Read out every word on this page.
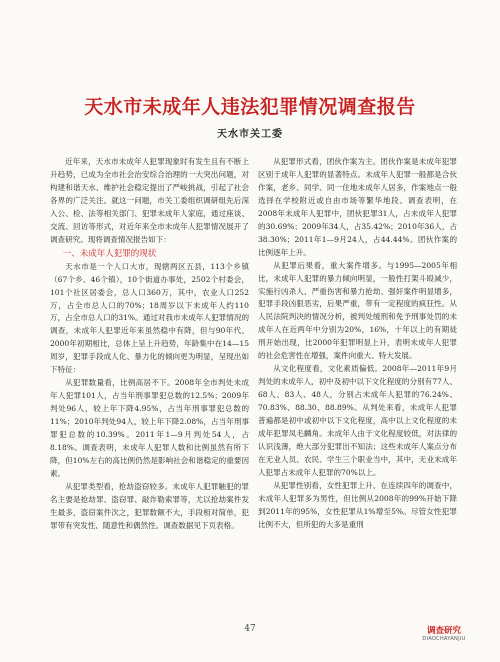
天水市未成年人违法犯罪情况调查报告
天水市关工委

近年来，天水市未成年人犯罪现象时有发生且有不断上升趋势，已成为全市社会治安综合治理的一大突出问题，对构建和谐天水、维护社会稳定提出了严峻挑战，引起了社会各界的广泛关注。就这一问题，市关工委组织调研组先后深入公、检、法等相关部门、犯罪未成年人家庭，通过座谈、交流、回访等形式，对近年来全市未成年人犯罪情况展开了调查研究。现将调查情况报告如下：

一、未成年人犯罪的现状

天水市是一个人口大市，现辖两区五县，113个乡镇（67个乡、46个镇），10个街道办事处，2502个村委会，101个社区居委会，总人口360万，其中，农业人口252万，占全市总人口的70%；18周岁以下未成年人约110万，占全市总人口的31%。通过对我市未成年人犯罪情况的调查，未成年人犯罪近年来虽然稳中有降，但与90年代、2000年初期相比，总体上呈上升趋势，年龄集中在14—15周岁，犯罪手段成人化、暴力化的倾向更为明显，呈现出如下特征：

从犯罪数量看，比例高居不下。2008年全市判处未成年人犯罪101人，占当年刑事罪犯总数的12.5%；2009年判处96人，较上年下降4.95%，占当年刑事罪犯总数的11%；2010年判处94人，较上年下降2.08%，占当年刑事罪犯总数的10.39%。2011年1—9月判处54人，占8.18%。调查表明，未成年人犯罪人数和比例虽然有所下降，但10%左右的高比例仍然是影响社会和谐稳定的重要因素。

从犯罪类型看，抢劫盗窃较多。未成年人犯罪触犯的罪名主要是抢劫罪、盗窃罪、敲诈勒索罪等，尤以抢劫案件发生最多，盗窃案件次之，犯罪数额不大，手段相对简单，犯罪带有突发性、随意性和偶然性。调查数据见下页表格。

从犯罪形式看，团伙作案为主。团伙作案是未成年犯罪区别于成年人犯罪的显著特点。未成年人犯罪一般都是合伙作案，老乡、同学、同一住地未成年人居多，作案地点一般选择在学校附近或自由市场等繁华地段。调查表明，在2008年未成年人犯罪中，团伙犯罪31人，占未成年人犯罪的30.69%；2009年34人，占35.42%；2010年36人，占38.30%；2011年1—9月24人，占44.44%。团伙作案的比例逐年上升。

从犯罪后果看，重大案件增多。与1995—2005年相比，未成年人犯罪的暴力倾向明显，一般性打架斗殴减少，实施行凶杀人、严重伤害和暴力抢劫、强奸案件明显增多，犯罪手段凶狠恶劣，后果严重，带有一定程度的疯狂性。从人民法院判决的情况分析，被判处缓刑和免予刑事处罚的未成年人在近两年中分别为20%，16%，十年以上的有期徒刑开始出现，比2000年犯罪明显上升，表明未成年人犯罪的社会危害性在增强，案件向重大、特大发展。

从文化程度看，文化素质偏低。2008年—2011年9月判处的未成年人，初中及初中以下文化程度的分别有77人、68人、83人、48人，分别占未成年人犯罪的76.24%、70.83%、88.30、88.89%。从判处来看，未成年人犯罪普遍都是初中或初中以下文化程度，高中以上文化程度的未成年犯罪凤毛麟角。未成年人由于文化程度较低，对法律的认识浅薄，绝大部分犯罪出不知法；这些未成年人案点分布在无业人员、农民、学生三个职业当中，其中，无业未成年人犯罪占未成年人犯罪的70%以上。

从犯罪性别看，女性犯罪上升。在连续四年的调查中，未成年人犯罪多为男性，但比例从2008年的99%开始下降到2011年的95%，女性犯罪从1%增至5%。尽管女性犯罪比例不大，但所犯的大多是重刑

47	调查研究
DIAOCHAYANJIU
